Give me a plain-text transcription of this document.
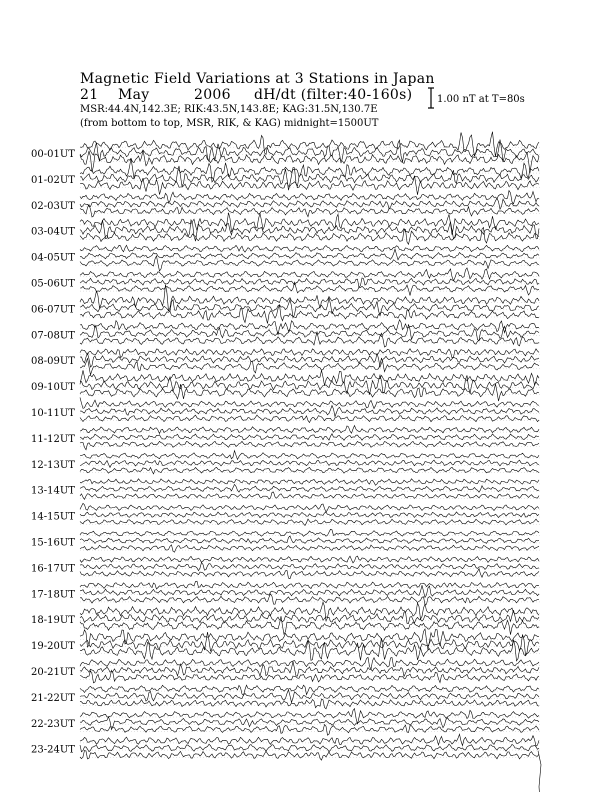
Magnetic Field Variations at 3 Stations in Japan
21 May	2006 dH/dt (filter:40-160s)
MSR:44.4N,142.3E; RIK:43.5N,143.8E; KAG:31.5N,130.7E
(from bottom to top, MSR, RIK, & KAG) midnight=1500UT
1.00 nT at T=80s
00-01UT
01-02UT
02-03UT
03-04UT
04-05UT
05-06UT
06-07UT
07-08UT
08-09UT
09-10UT
10-11UT
11-12UT
12-13UT
13-14UT
14-15UT
15-16UT
16-17UT
17-18UT
18-19UT
19-20UT
20-21UT
21-22UT
22-23UT
23-24UT
